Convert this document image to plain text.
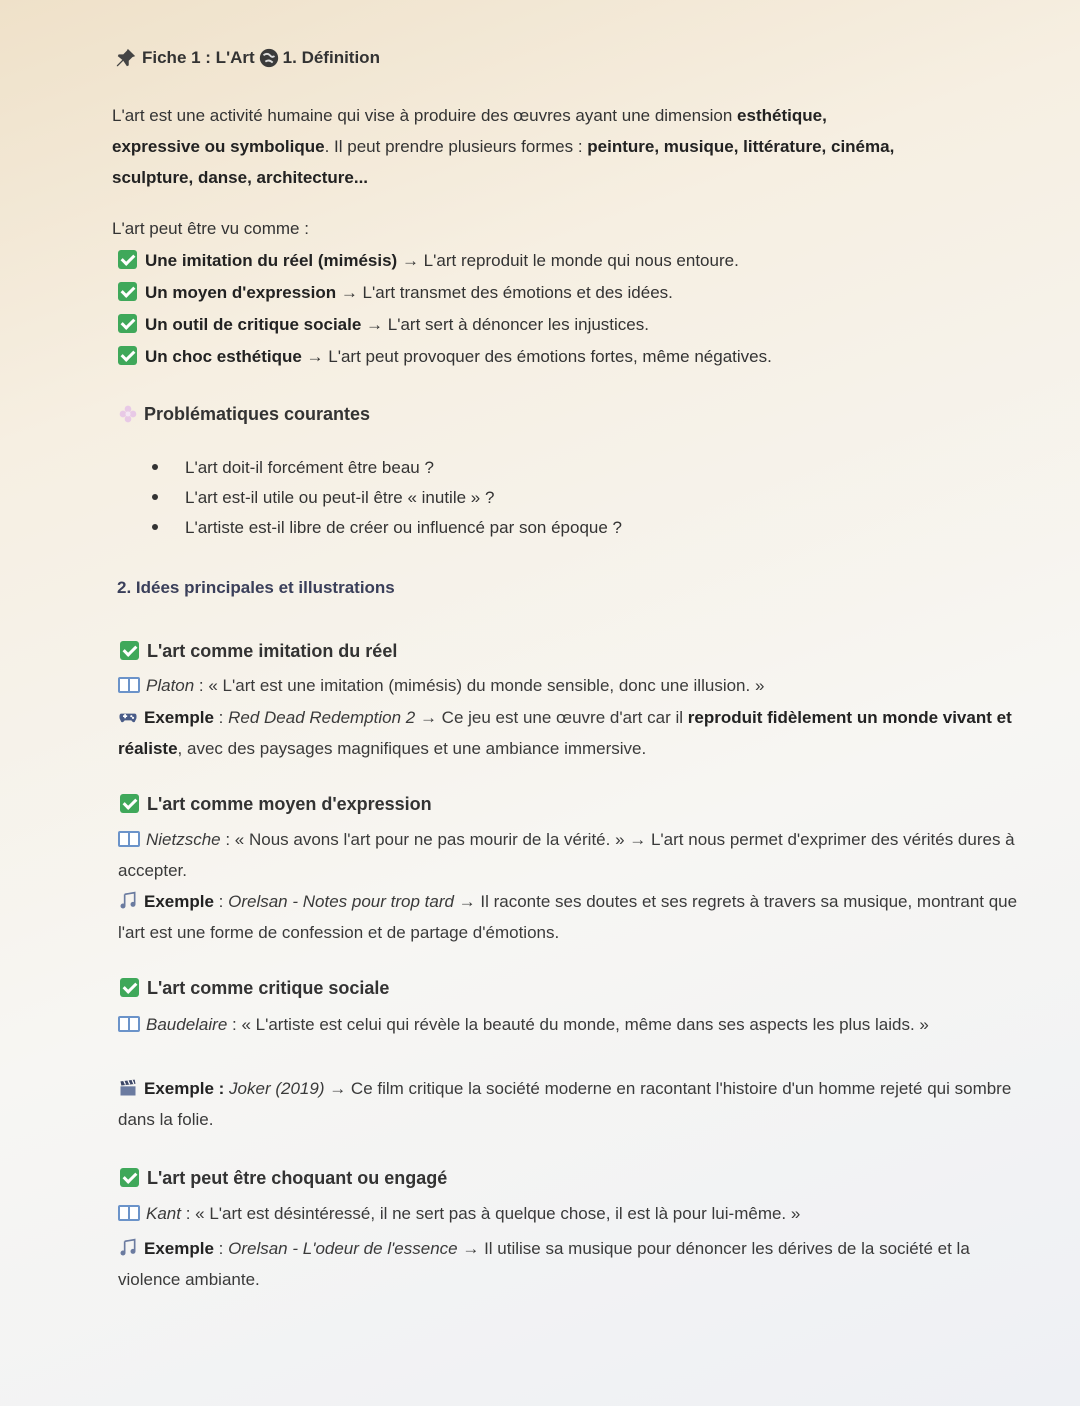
Fiche 1 : L'Art 1. Définition
L'art est une activité humaine qui vise à produire des œuvres ayant une dimension esthétique,
expressive ou symbolique. Il peut prendre plusieurs formes : peinture, musique, littérature, cinéma,
sculpture, danse, architecture...
L'art peut être vu comme :
Une imitation du réel (mimésis) → L'art reproduit le monde qui nous entoure.
Un moyen d'expression → L'art transmet des émotions et des idées.
Un outil de critique sociale → L'art sert à dénoncer les injustices.
Un choc esthétique → L'art peut provoquer des émotions fortes, même négatives.
Problématiques courantes
L'art doit-il forcément être beau ?
L'art est-il utile ou peut-il être « inutile » ?
L'artiste est-il libre de créer ou influencé par son époque ?
2. Idées principales et illustrations
L'art comme imitation du réel
Platon : « L'art est une imitation (mimésis) du monde sensible, donc une illusion. »
Exemple : Red Dead Redemption 2 → Ce jeu est une œuvre d'art car il reproduit fidèlement un monde vivant et réaliste, avec des paysages magnifiques et une ambiance immersive.
L'art comme moyen d'expression
Nietzsche : « Nous avons l'art pour ne pas mourir de la vérité. » → L'art nous permet d'exprimer des vérités dures à accepter.
Exemple : Orelsan - Notes pour trop tard → Il raconte ses doutes et ses regrets à travers sa musique, montrant que l'art est une forme de confession et de partage d'émotions.
L'art comme critique sociale
Baudelaire : « L'artiste est celui qui révèle la beauté du monde, même dans ses aspects les plus laids. »
Exemple : Joker (2019) → Ce film critique la société moderne en racontant l'histoire d'un homme rejeté qui sombre dans la folie.
L'art peut être choquant ou engagé
Kant : « L'art est désintéressé, il ne sert pas à quelque chose, il est là pour lui-même. »
Exemple : Orelsan - L'odeur de l'essence → Il utilise sa musique pour dénoncer les dérives de la société et la violence ambiante.
